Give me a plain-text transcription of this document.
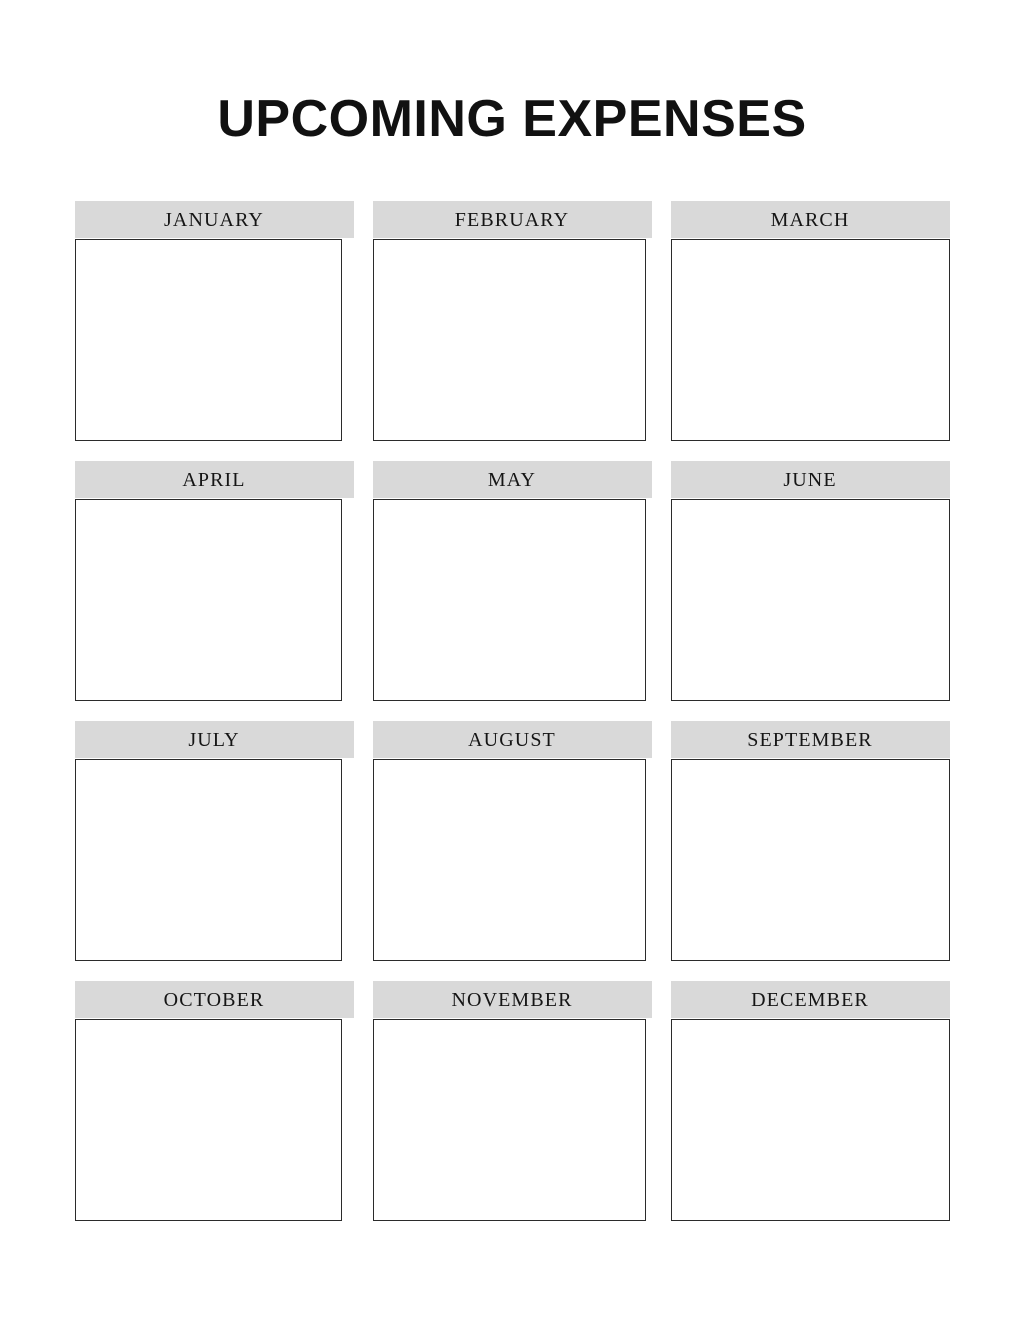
UPCOMING EXPENSES
JANUARY	FEBRUARY	MARCH
APRIL	MAY	JUNE
JULY	AUGUST	SEPTEMBER
OCTOBER	NOVEMBER	DECEMBER
